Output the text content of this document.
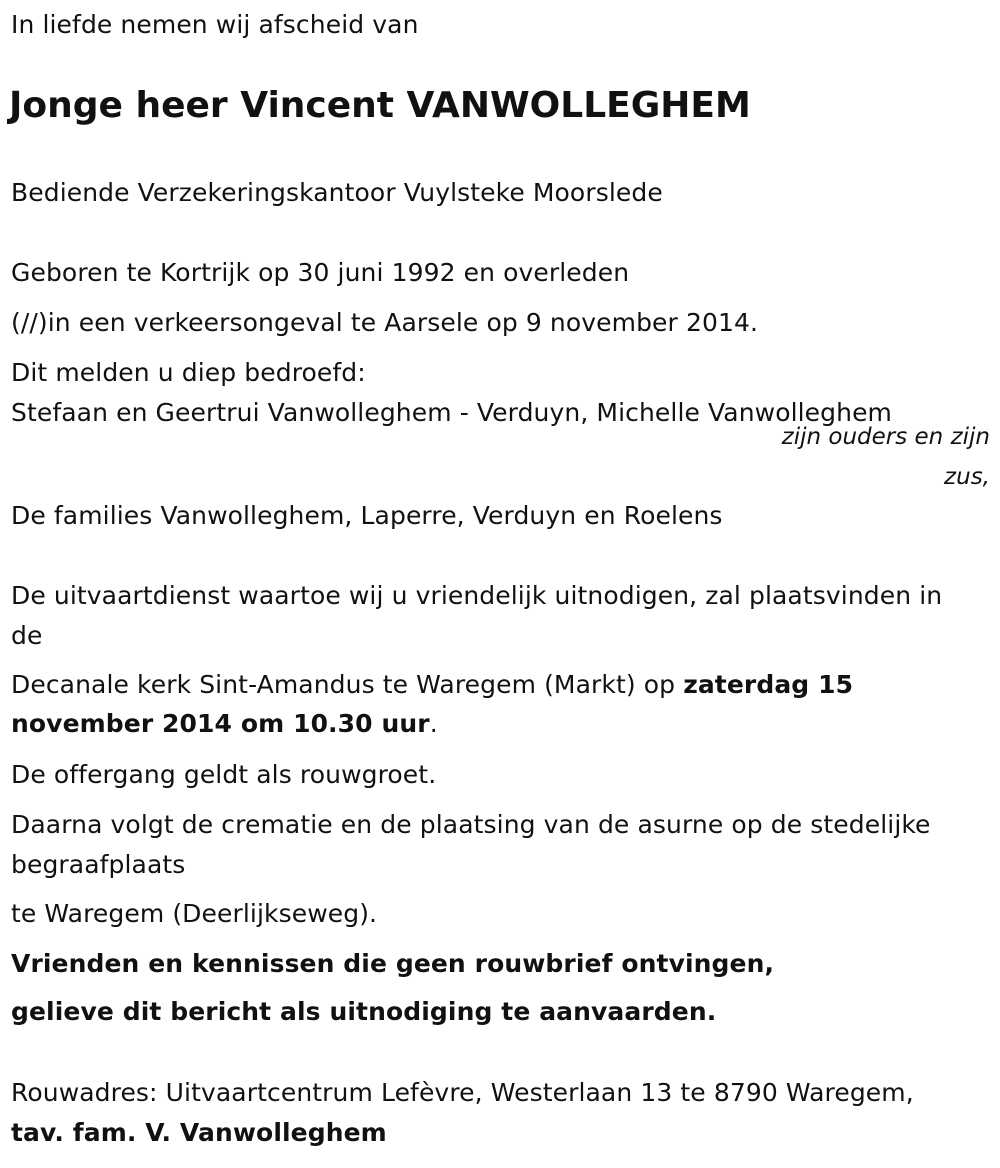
In liefde nemen wij afscheid van
Jonge heer Vincent VANWOLLEGHEM
Bediende Verzekeringskantoor Vuylsteke Moorslede
Geboren te Kortrijk op 30 juni 1992 en overleden
(//)in een verkeersongeval te Aarsele op 9 november 2014.
Dit melden u diep bedroefd:
Stefaan en Geertrui Vanwolleghem - Verduyn, Michelle Vanwolleghem
zijn ouders en zijn
zus,
De families Vanwolleghem, Laperre, Verduyn en Roelens
De uitvaartdienst waartoe wij u vriendelijk uitnodigen, zal plaatsvinden in
de
Decanale kerk Sint-Amandus te Waregem (Markt) op zaterdag 15
november 2014 om 10.30 uur.
De offergang geldt als rouwgroet.
Daarna volgt de crematie en de plaatsing van de asurne op de stedelijke
begraafplaats
te Waregem (Deerlijkseweg).
Vrienden en kennissen die geen rouwbrief ontvingen,
gelieve dit bericht als uitnodiging te aanvaarden.
Rouwadres: Uitvaartcentrum Lefèvre, Westerlaan 13 te 8790 Waregem,
tav. fam. V. Vanwolleghem
